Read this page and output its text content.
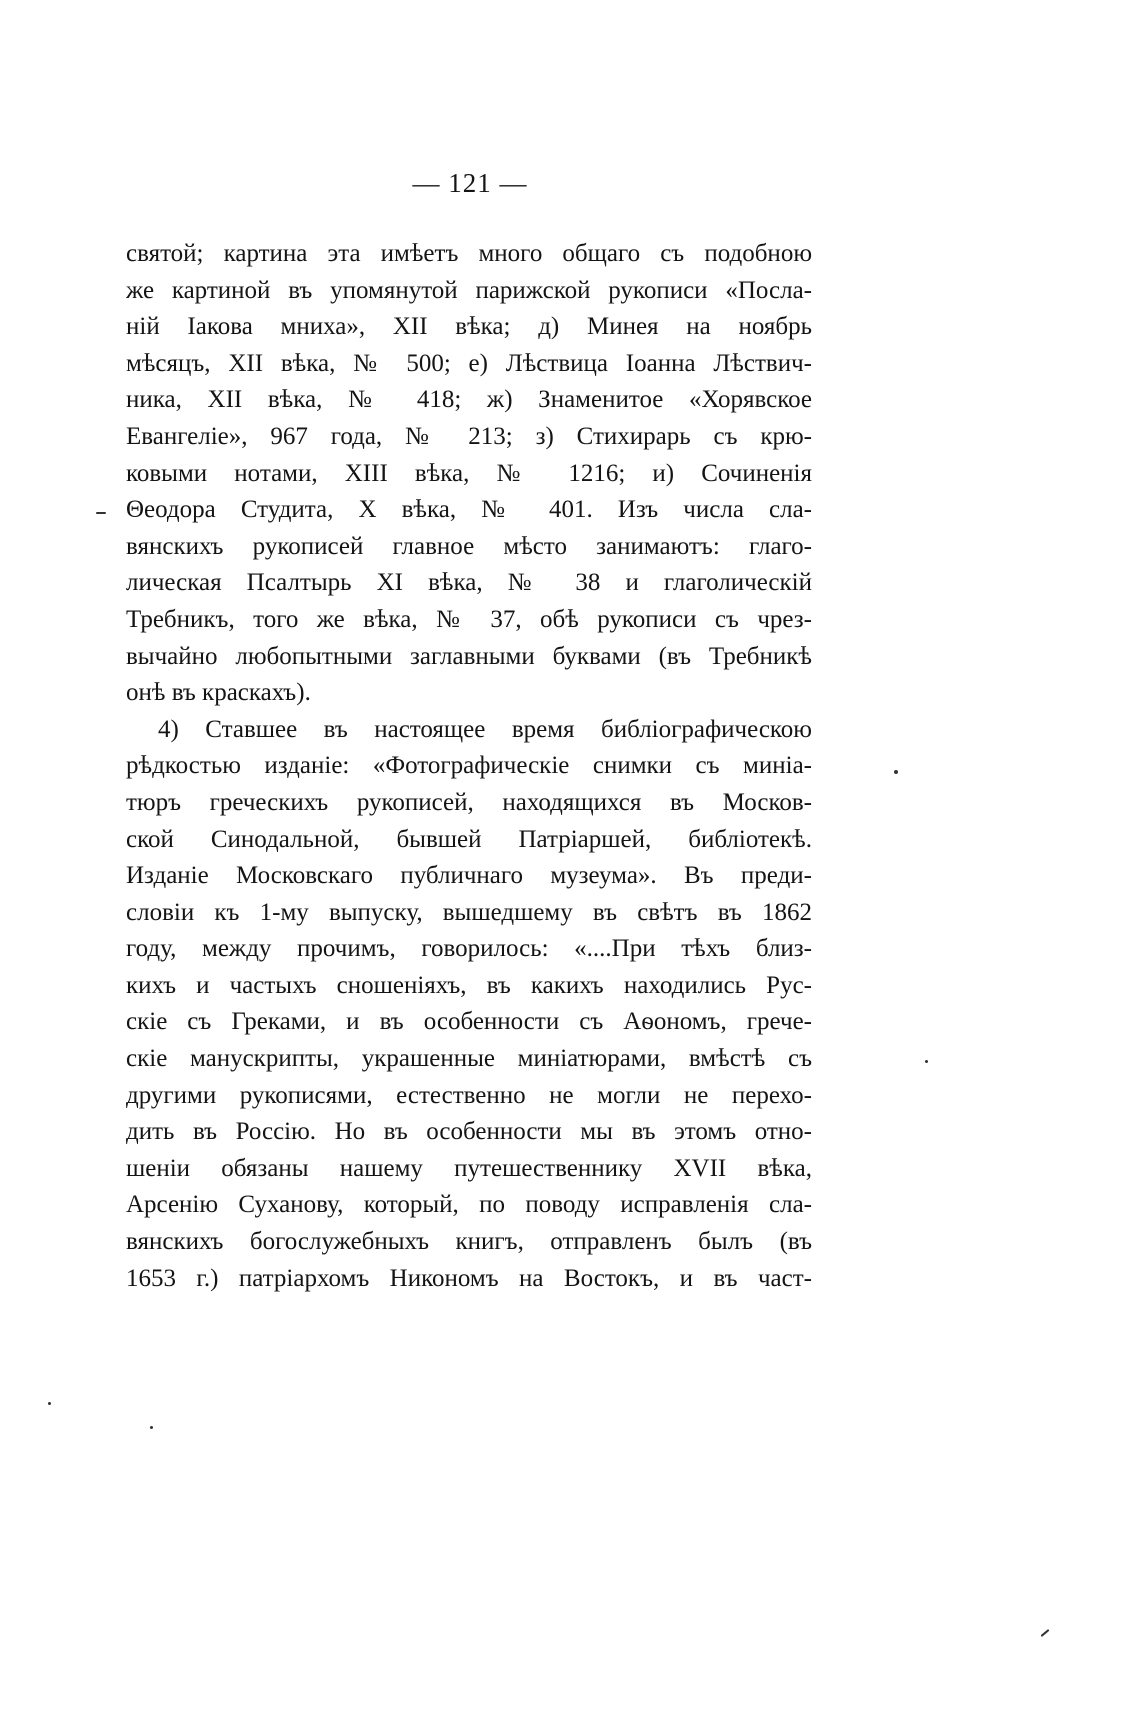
— 121 —
святой; картина эта имѣетъ много общаго съ подобною
же картиной въ упомянутой парижской рукописи «Посла-
ній Іакова мниха», XII вѣка; д) Минея на ноябрь
мѣсяцъ, XII вѣка, № 500; е) Лѣствица Іоанна Лѣствич-
ника, XII вѣка, № 418; ж) Знаменитое «Хорявское
Евангеліе», 967 года, № 213; з) Стихирарь съ крю-
ковыми нотами, XIII вѣка, № 1216; и) Сочиненія
Θеодора Студита, X вѣка, № 401. Изъ числа сла-
вянскихъ рукописей главное мѣсто занимаютъ: глаго-
лическая Псалтырь XI вѣка, № 38 и глаголическій
Требникъ, того же вѣка, № 37, обѣ рукописи съ чрез-
вычайно любопытными заглавными буквами (въ Требникѣ
онѣ въ краскахъ).
4) Ставшее въ настоящее время библіографическою
рѣдкостью изданіе: «Фотографическіе снимки съ миніа-
тюръ греческихъ рукописей, находящихся въ Москов-
ской Синодальной, бывшей Патріаршей, библіотекѣ.
Изданіе Московскаго публичнаго музеума». Въ преди-
словіи къ 1-му выпуску, вышедшему въ свѣтъ въ 1862
году, между прочимъ, говорилось: «....При тѣхъ близ-
кихъ и частыхъ сношеніяхъ, въ какихъ находились Рус-
скіе съ Греками, и въ особенности съ Аѳономъ, грече-
скіе манускрипты, украшенные миніатюрами, вмѣстѣ съ
другими рукописями, естественно не могли не перехо-
дить въ Россію. Но въ особенности мы въ этомъ отно-
шеніи обязаны нашему путешественнику XVII вѣка,
Арсенію Суханову, который, по поводу исправленія сла-
вянскихъ богослужебныхъ книгъ, отправленъ былъ (въ
1653 г.) патріархомъ Никономъ на Востокъ, и въ част-
